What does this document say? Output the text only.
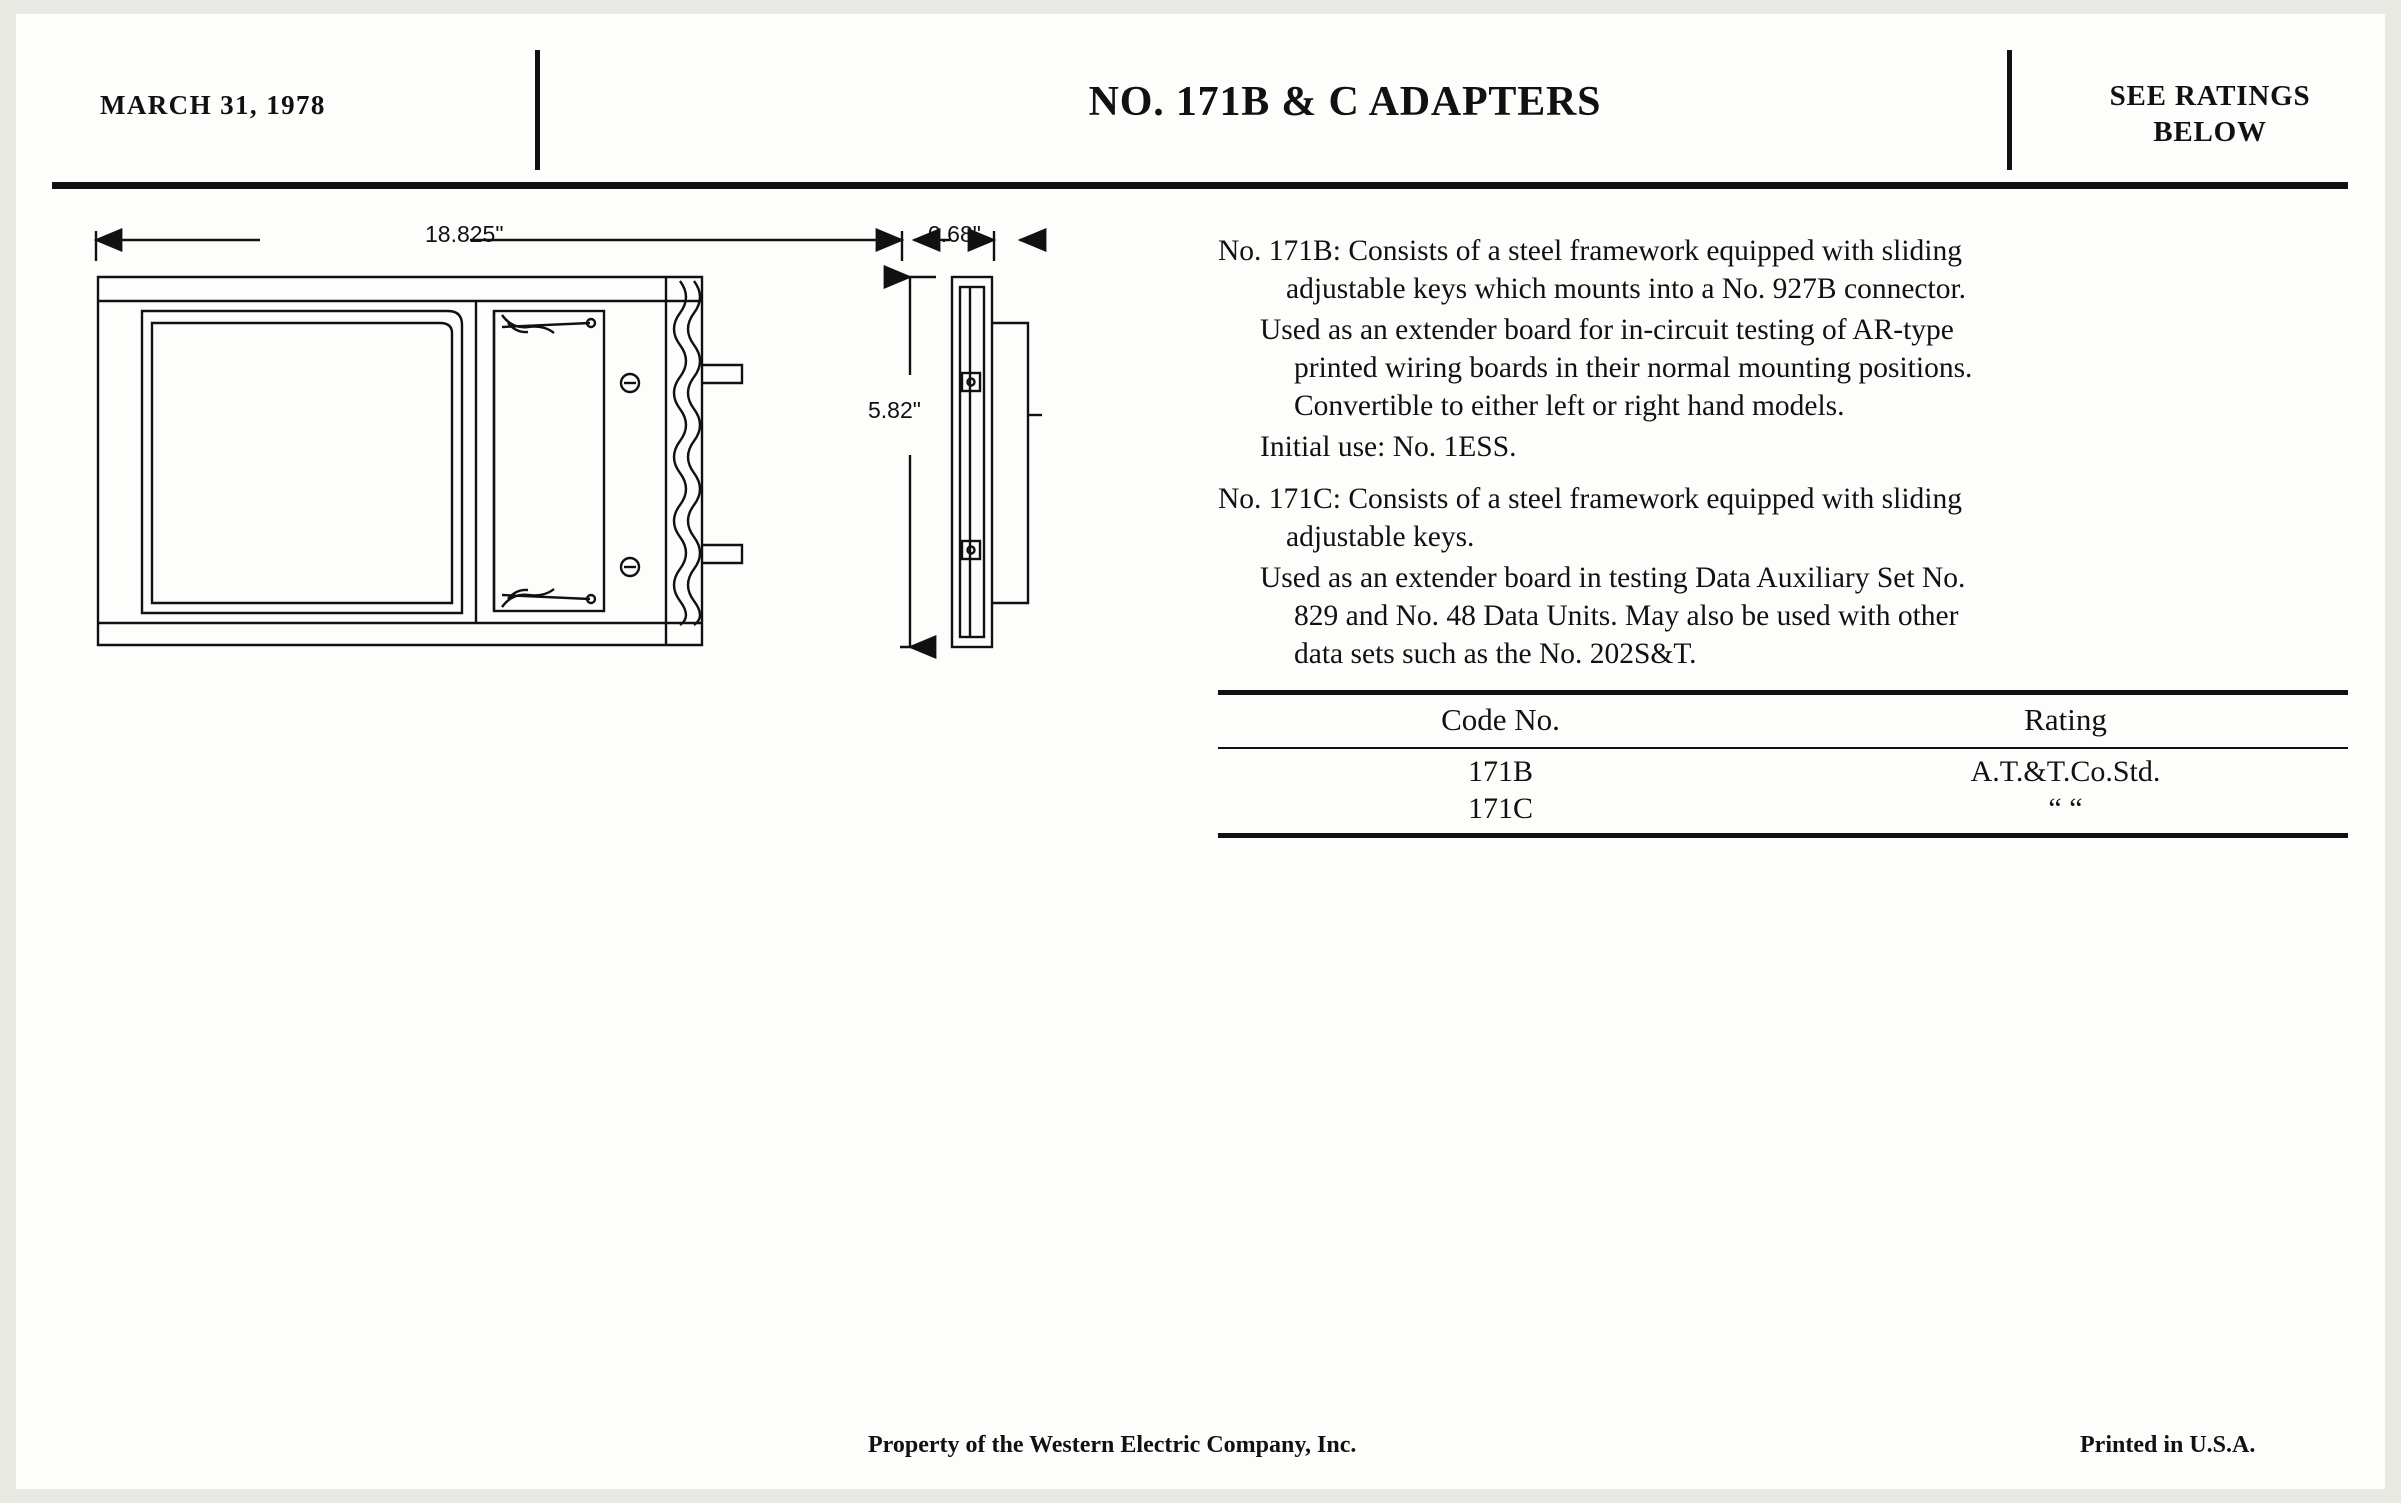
MARCH 31, 1978	NO. 171B & C ADAPTERS	SEE RATINGS
BELOW
18.825"	0.68"
5.82"
No. 171B: Consists of a steel framework equipped with sliding
adjustable keys which mounts into a No. 927B connector.
Used as an extender board for in-circuit testing of AR-type
printed wiring boards in their normal mounting positions.
Convertible to either left or right hand models.
Initial use: No. 1ESS.
No. 171C: Consists of a steel framework equipped with sliding
adjustable keys.
Used as an extender board in testing Data Auxiliary Set No.
829 and No. 48 Data Units. May also be used with other
data sets such as the No. 202S&T.
Code No.	Rating
171B	A.T.&T.Co.Std.
171C	“ “
Property of the Western Electric Company, Inc.	Printed in U.S.A.
